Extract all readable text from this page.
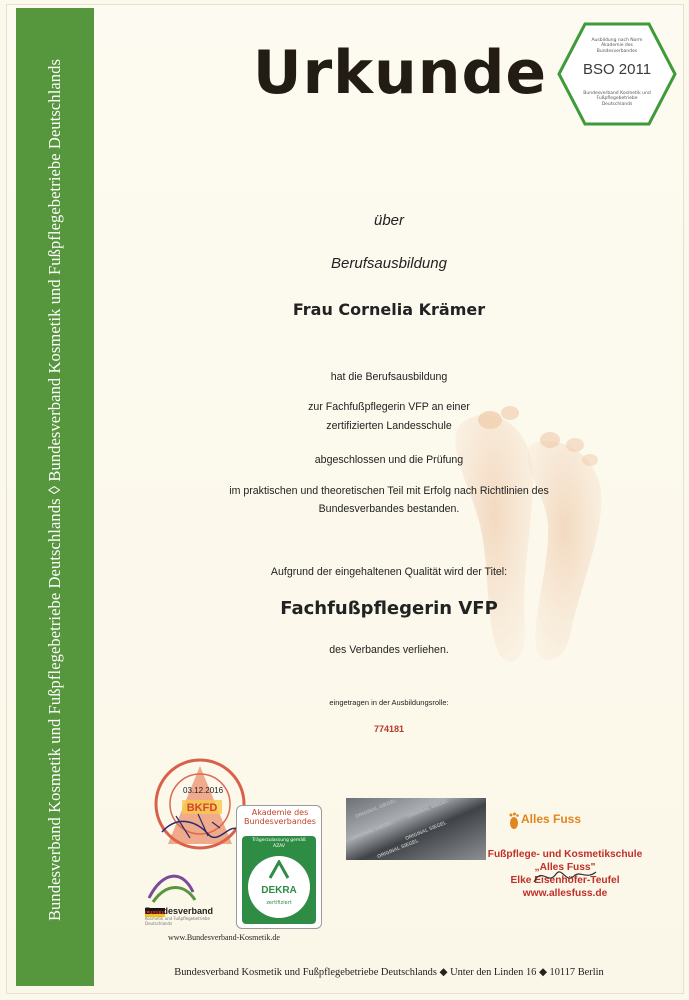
Bundesverband Kosmetik und Fußpflegebetriebe Deutschlands ◊ Bundesverband Kosmetik und Fußpflegebetriebe Deutschlands	Urkunde	Ausbildung nach Norm Akademie des Bundesverbandes
BSO 2011
Bundesverband Kosmetik und Fußpflegebetriebe Deutschlands
über
Berufsausbildung
Frau Cornelia Krämer
hat die Berufsausbildung
zur Fachfußpflegerin VFP an einer
zertifizierten Landesschule
abgeschlossen und die Prüfung
im praktischen und theoretischen Teil mit Erfolg nach Richtlinien des
Bundesverbandes bestanden.
Aufgrund der eingehaltenen Qualität wird der Titel:
Fachfußpflegerin VFP
des Verbandes verliehen.
eingetragen in der Ausbildungsrolle:
774181
BKFD
03.12.2016
Akademie des Bundesverbandes
Trägerzulassung gemäß AZAV
DEKRA
zertifiziert
Bundesverband
Kosmetik und Fußpflegebetriebe Deutschlands
www.Bundesverband-Kosmetik.de
ORIGINAL SIEGEL ORIGINAL SIEGEL
ORIGINAL SIEGEL ORIGINAL SIEGEL
ORIGINAL SIEGEL
Alles Fuss
Fußpflege- und Kosmetikschule
„Alles Fuss"
Elke Eisenhöfer-Teufel
www.allesfuss.de
Bundesverband Kosmetik und Fußpflegebetriebe Deutschlands ◆ Unter den Linden 16 ◆ 10117 Berlin
